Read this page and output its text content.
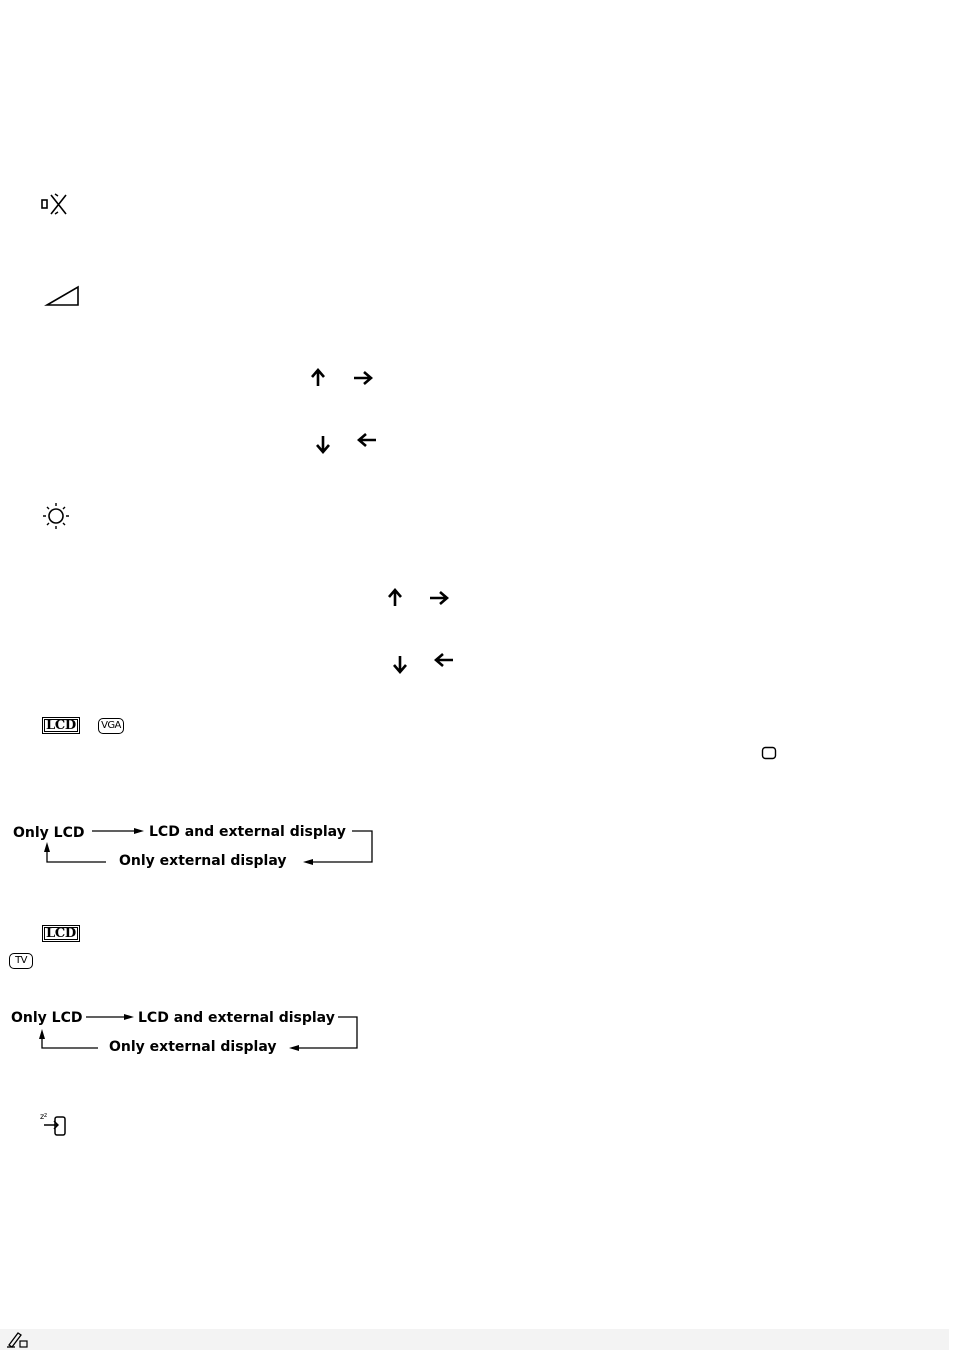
LCD	VGA
Only LCD	LCD and external display
Only external display
LCD
TV
Only LCD	LCD and external display
Only external display
z z
